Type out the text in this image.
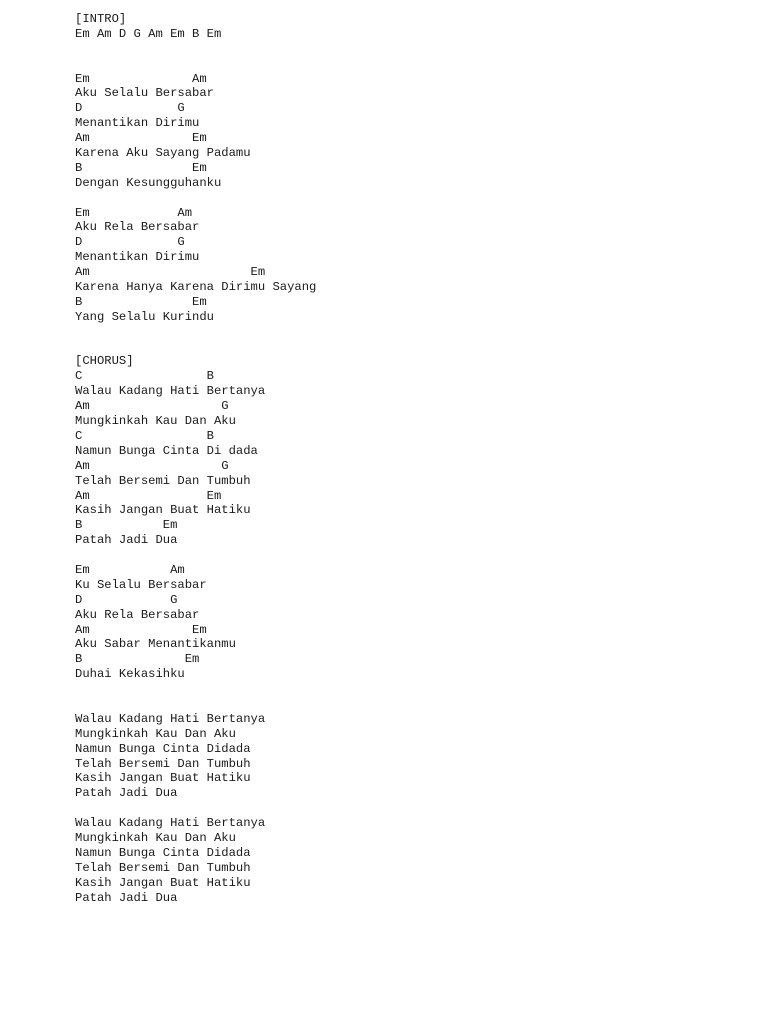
[INTRO]
Em Am D G Am Em B Em
Em              Am
Aku Selalu Bersabar
D             G
Menantikan Dirimu
Am              Em
Karena Aku Sayang Padamu
B               Em
Dengan Kesungguhanku
Em            Am
Aku Rela Bersabar
D             G
Menantikan Dirimu
Am                      Em
Karena Hanya Karena Dirimu Sayang
B               Em
Yang Selalu Kurindu
[CHORUS]
C                 B
Walau Kadang Hati Bertanya
Am                  G
Mungkinkah Kau Dan Aku
C                 B
Namun Bunga Cinta Di dada
Am                  G
Telah Bersemi Dan Tumbuh
Am                Em
Kasih Jangan Buat Hatiku
B           Em
Patah Jadi Dua
Em           Am
Ku Selalu Bersabar
D            G
Aku Rela Bersabar
Am              Em
Aku Sabar Menantikanmu
B              Em
Duhai Kekasihku
Walau Kadang Hati Bertanya
Mungkinkah Kau Dan Aku
Namun Bunga Cinta Didada
Telah Bersemi Dan Tumbuh
Kasih Jangan Buat Hatiku
Patah Jadi Dua
Walau Kadang Hati Bertanya
Mungkinkah Kau Dan Aku
Namun Bunga Cinta Didada
Telah Bersemi Dan Tumbuh
Kasih Jangan Buat Hatiku
Patah Jadi Dua
